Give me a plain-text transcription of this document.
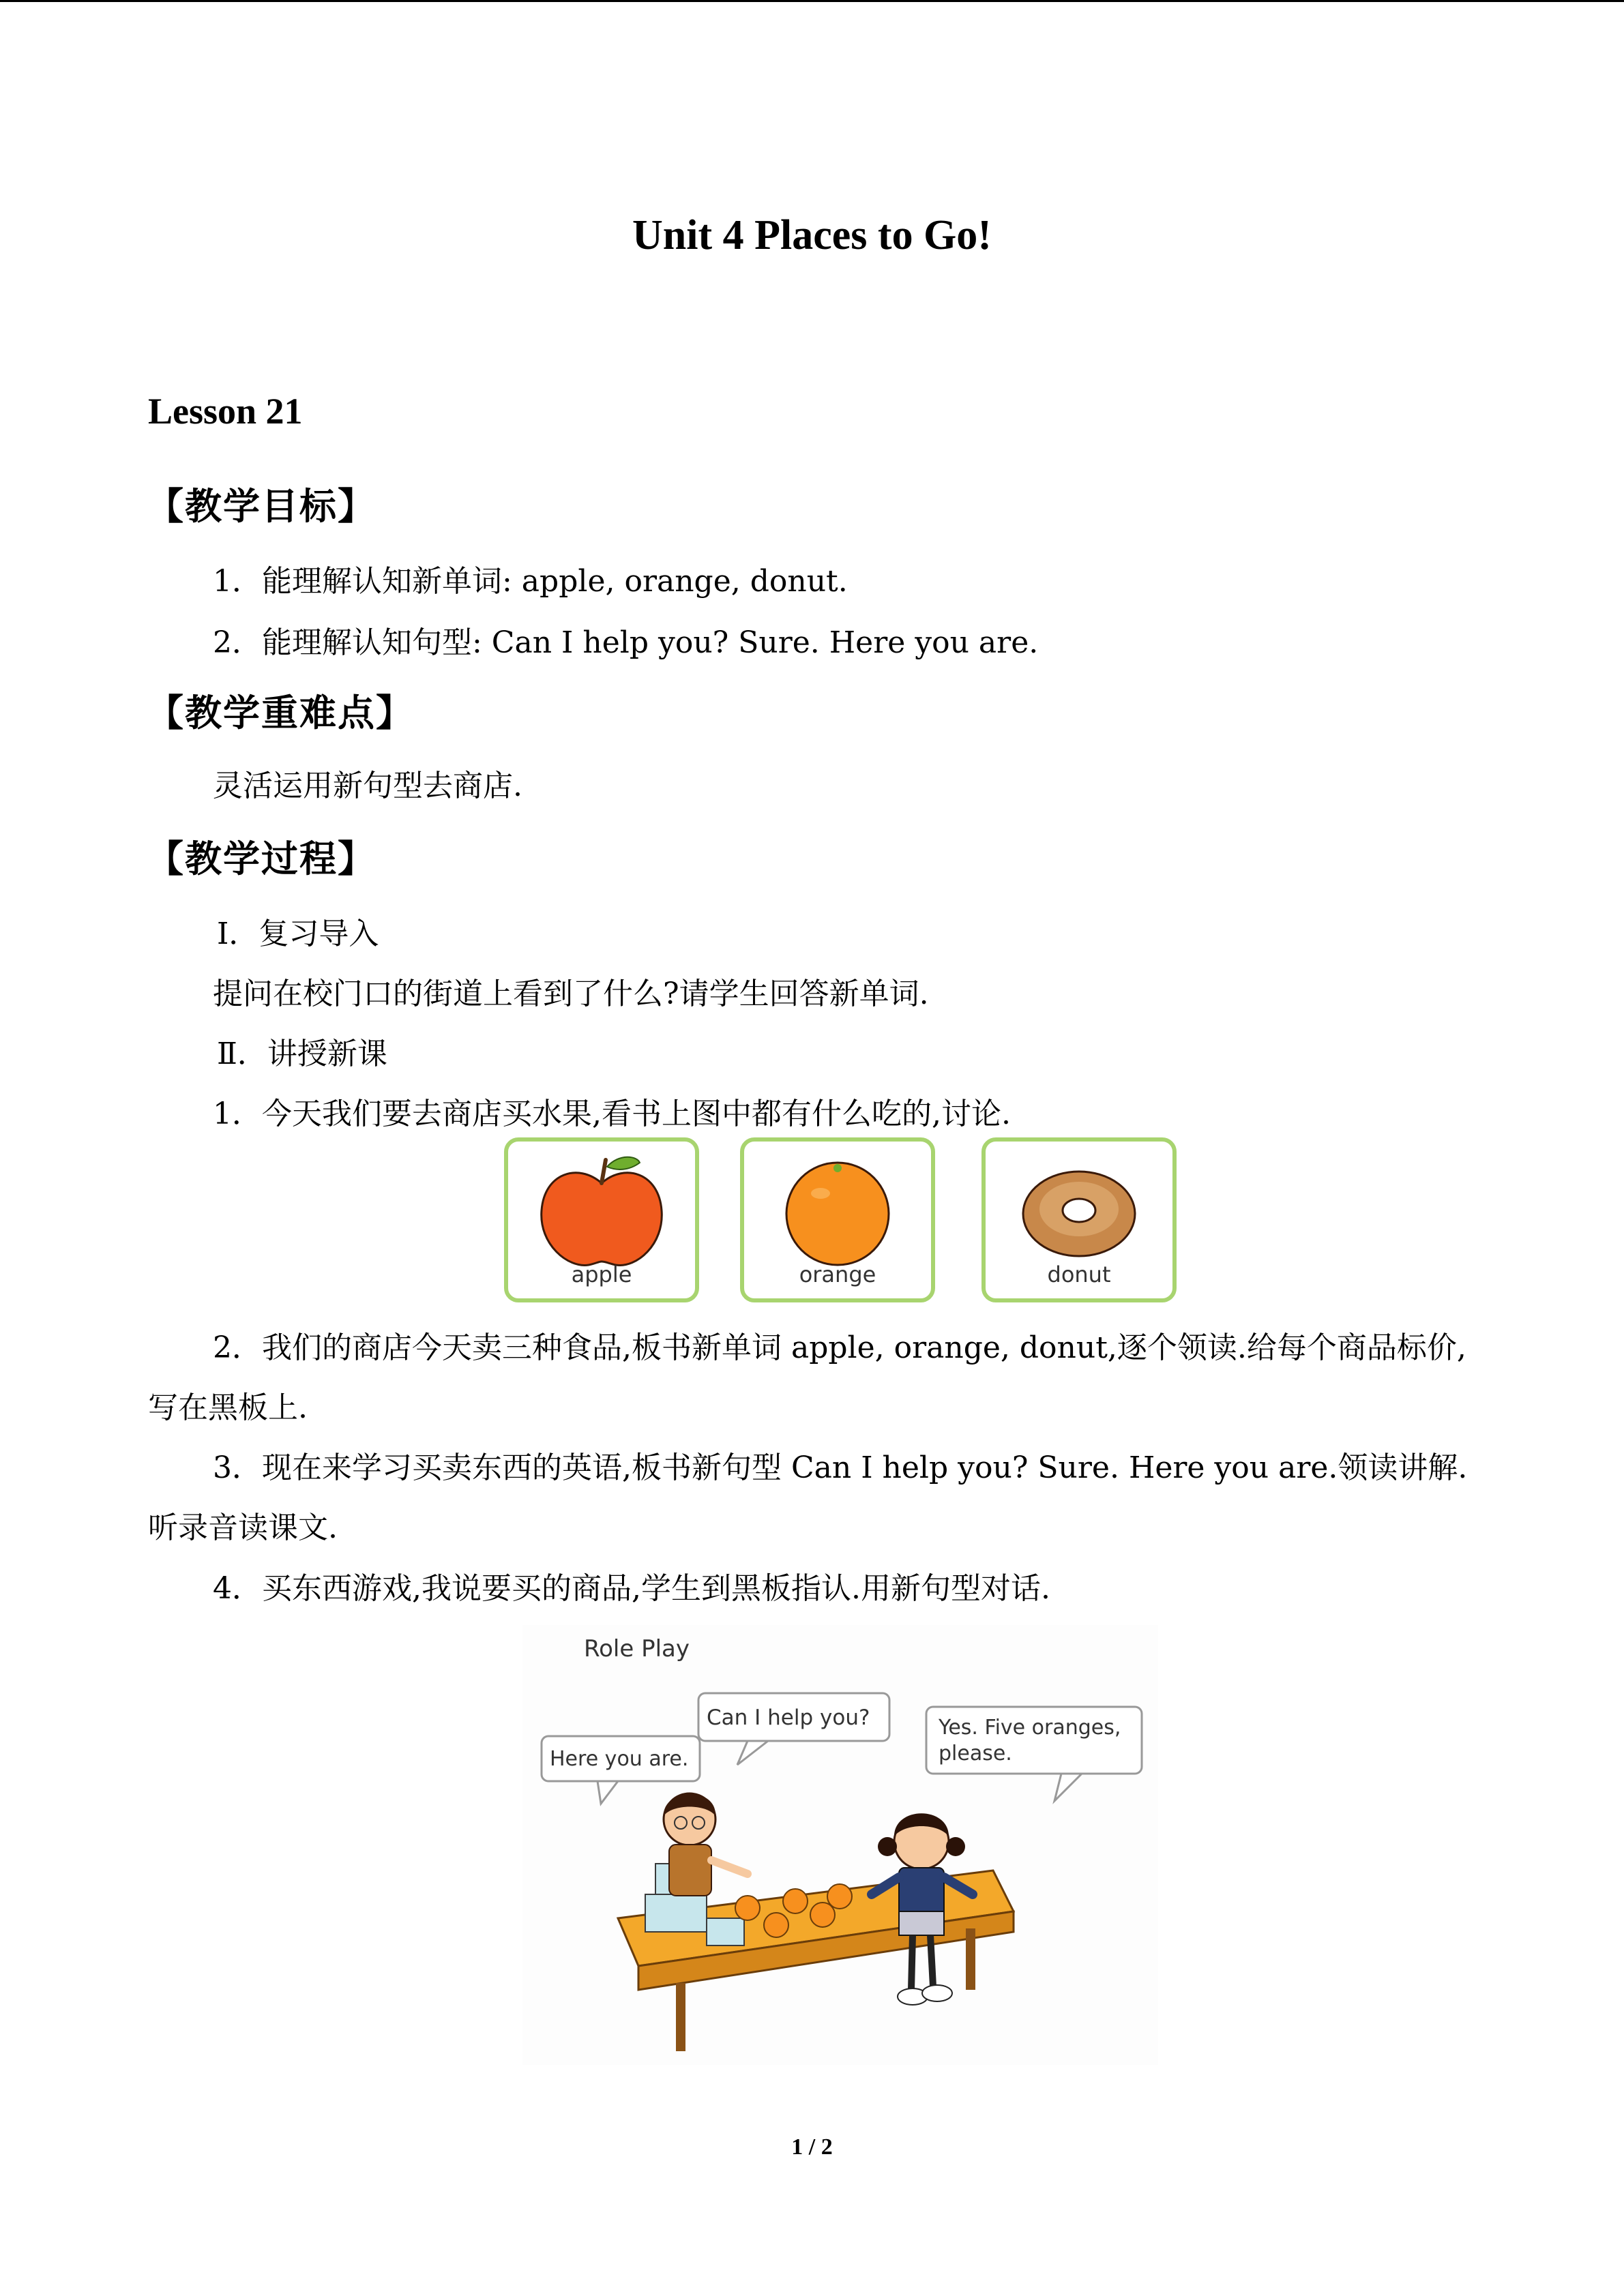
Unit 4 Places to Go!
Lesson 21
【教学目标】
1．能理解认知新单词: apple, orange, donut.
2．能理解认知句型: Can I help you? Sure. Here you are.
【教学重难点】
灵活运用新句型去商店.
【教学过程】
Ⅰ．复习导入
提问在校门口的街道上看到了什么?请学生回答新单词.
Ⅱ．讲授新课
1．今天我们要去商店买水果,看书上图中都有什么吃的,讨论.
apple	orange	donut
2．我们的商店今天卖三种食品,板书新单词 apple, orange, donut,逐个领读.给每个商品标价,写在黑板上.
3．现在来学习买卖东西的英语,板书新句型 Can I help you? Sure. Here you are.领读讲解.听录音读课文.
4．买东西游戏,我说要买的商品,学生到黑板指认.用新句型对话.
Role Play
Here you are.
Can I help you?	Yes. Five oranges,
please.
1 / 2
